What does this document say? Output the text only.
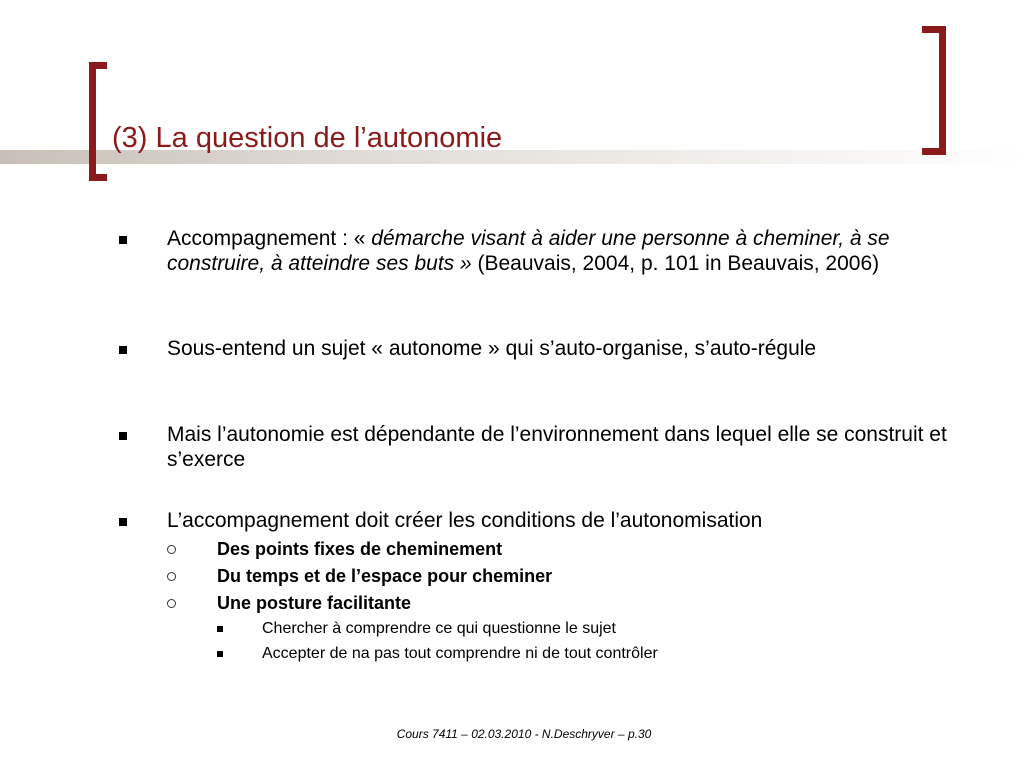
(3) La question de l’autonomie
Accompagnement : « démarche visant à aider une personne à cheminer, à se construire, à atteindre ses buts » (Beauvais, 2004, p. 101 in Beauvais, 2006)
Sous-entend un sujet « autonome » qui s’auto-organise, s’auto-régule
Mais l’autonomie est dépendante de l’environnement dans lequel elle se construit et s’exerce
L’accompagnement doit créer les conditions de l’autonomisation
Des points fixes de cheminement
Du temps et de l’espace pour cheminer
Une posture facilitante
Chercher à comprendre ce qui questionne le sujet
Accepter de na pas tout comprendre ni de tout contrôler
Cours 7411 – 02.03.2010 - N.Deschryver – p.30
